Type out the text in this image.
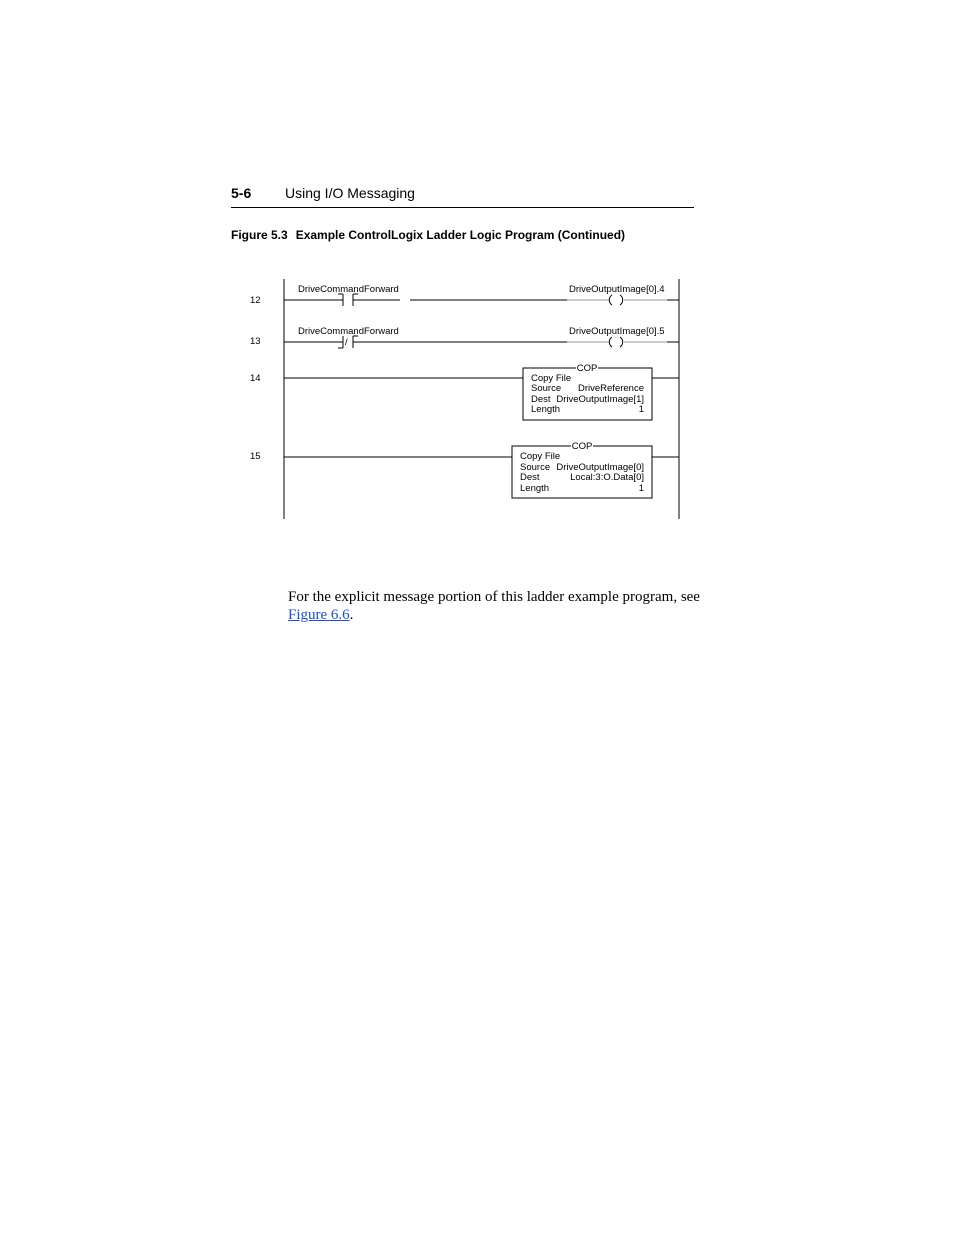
5-6 Using I/O Messaging
Figure 5.3 Example ControlLogix Ladder Logic Program (Continued)
12
13
14
15
DriveCommandForward	DriveOutputImage[0].4
DriveCommandForward
/
DriveOutputImage[0].5
COP
Copy File
Source DriveReference
Dest DriveOutputImage[1]
Length	1
COP
Copy File
Source DriveOutputImage[0]
Dest	Local:3:O.Data[0]
Length	1

For the explicit message portion of this ladder example program, see
Figure 6.6.
